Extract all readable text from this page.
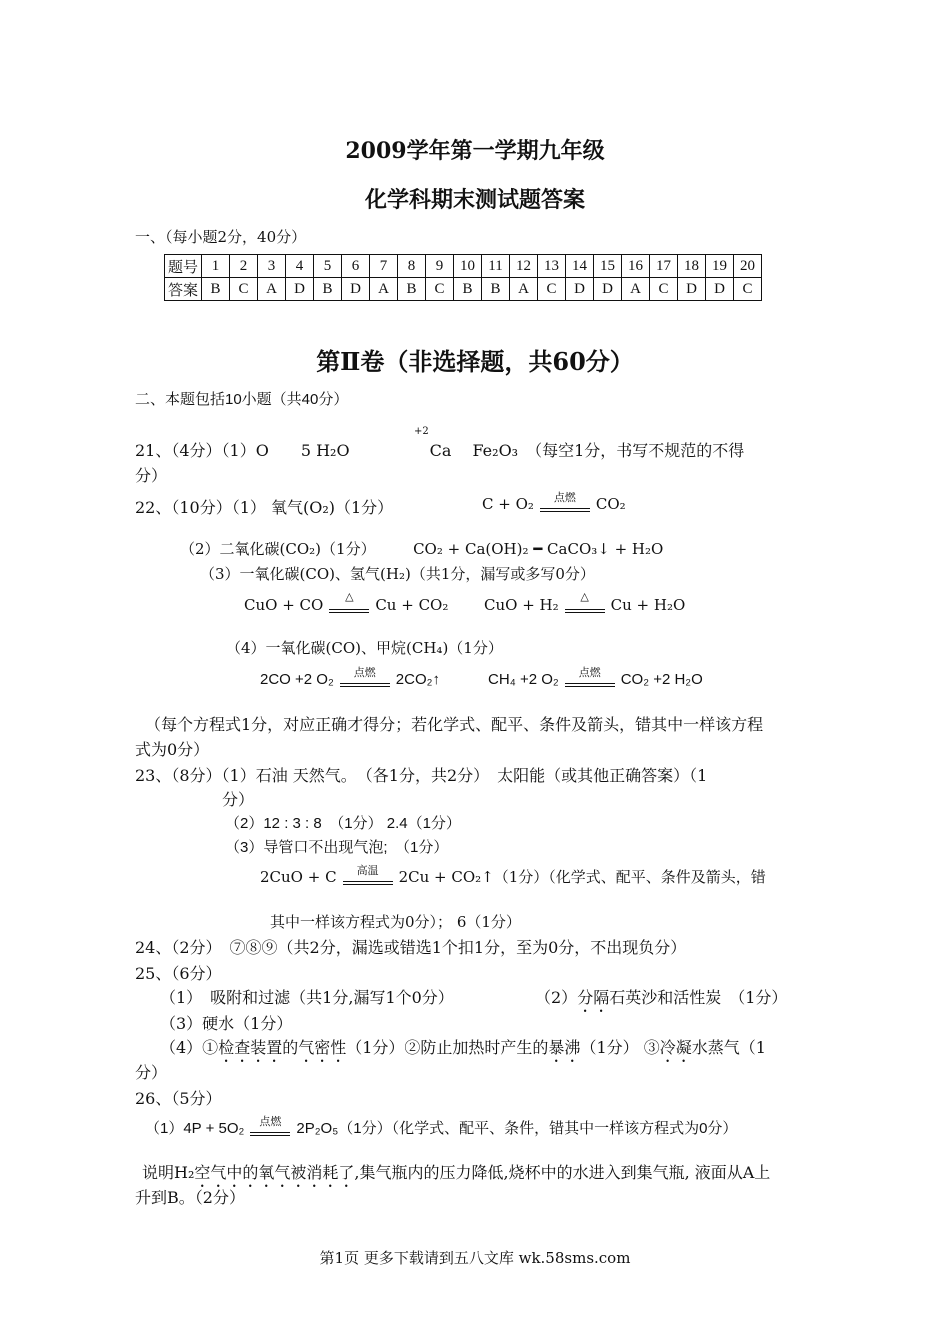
2009学年第一学期九年级
化学科期末测试题答案
一、（每小题2分，40分）
题号	1	2	3	4	5	6	7	8	9	10	11	12	13	14	15	16	17	18	19	20
答案	B	C	A	D	B	D	A	B	C	B	B	A	C	D	D	A	C	D	D	C
第Ⅱ卷（非选择题，共60分）
二、本题包括10小题（共40分）
+2
21、（4分）（1）O　　5 H₂O　　　　　Ca　 Fe₂O₃　（每空1分，书写不规范的不得
分）
22、（10分）（1） 氧气(O₂)（1分）	C + O₂	点燃	CO₂
（2）二氧化碳(CO₂)（1分）　　　CO₂ + Ca(OH)₂ ━ CaCO₃↓ + H₂O
（3）一氧化碳(CO)、氢气(H₂)（共1分，漏写或多写0分）
CuO + CO	△	Cu + CO₂ CuO + H₂	△	Cu + H₂O
（4）一氧化碳(CO)、甲烷(CH₄)（1分）
2CO +2 O₂	点燃	2CO₂↑	CH₄ +2 O₂	点燃	CO₂ +2 H₂O
（每个方程式1分，对应正确才得分；若化学式、配平、条件及箭头，错其中一样该方程
式为0分）
23、（8分）（1）石油 天然气。　（各1分，共2分）　太阳能（或其他正确答案）（1
分）
（2）12 : 3 : 8　（1分） 2.4（1分）
（3）导管口不出现气泡;　（1分）
2CuO + C	高温	2Cu + CO₂↑（1分）（化学式、配平、条件及箭头，错
其中一样该方程式为0分）； 6（1分）
24、（2分）　⑦⑧⑨（共2分，漏选或错选1个扣1分，至为0分，不出现负分）
25、（6分）
（1）　吸附和过滤（共1分,漏写1个0分）	（2）分隔石英沙和活性炭　（1分）
（3）硬水（1分）
（4）①检查装置的气密性（1分）②防止加热时产生的暴沸（1分） ③冷凝水蒸气（1
分）
26、（5分）
（1）4P + 5O₂	点燃	2P₂O₅（1分）（化学式、配平、条件，错其中一样该方程式为0分）
说明H₂空气中的氧气被消耗了,集气瓶内的压力降低,烧杯中的水进入到集气瓶, 液面从A上
升到B。（2分）
第1页 更多下载请到五八文库 wk.58sms.com
